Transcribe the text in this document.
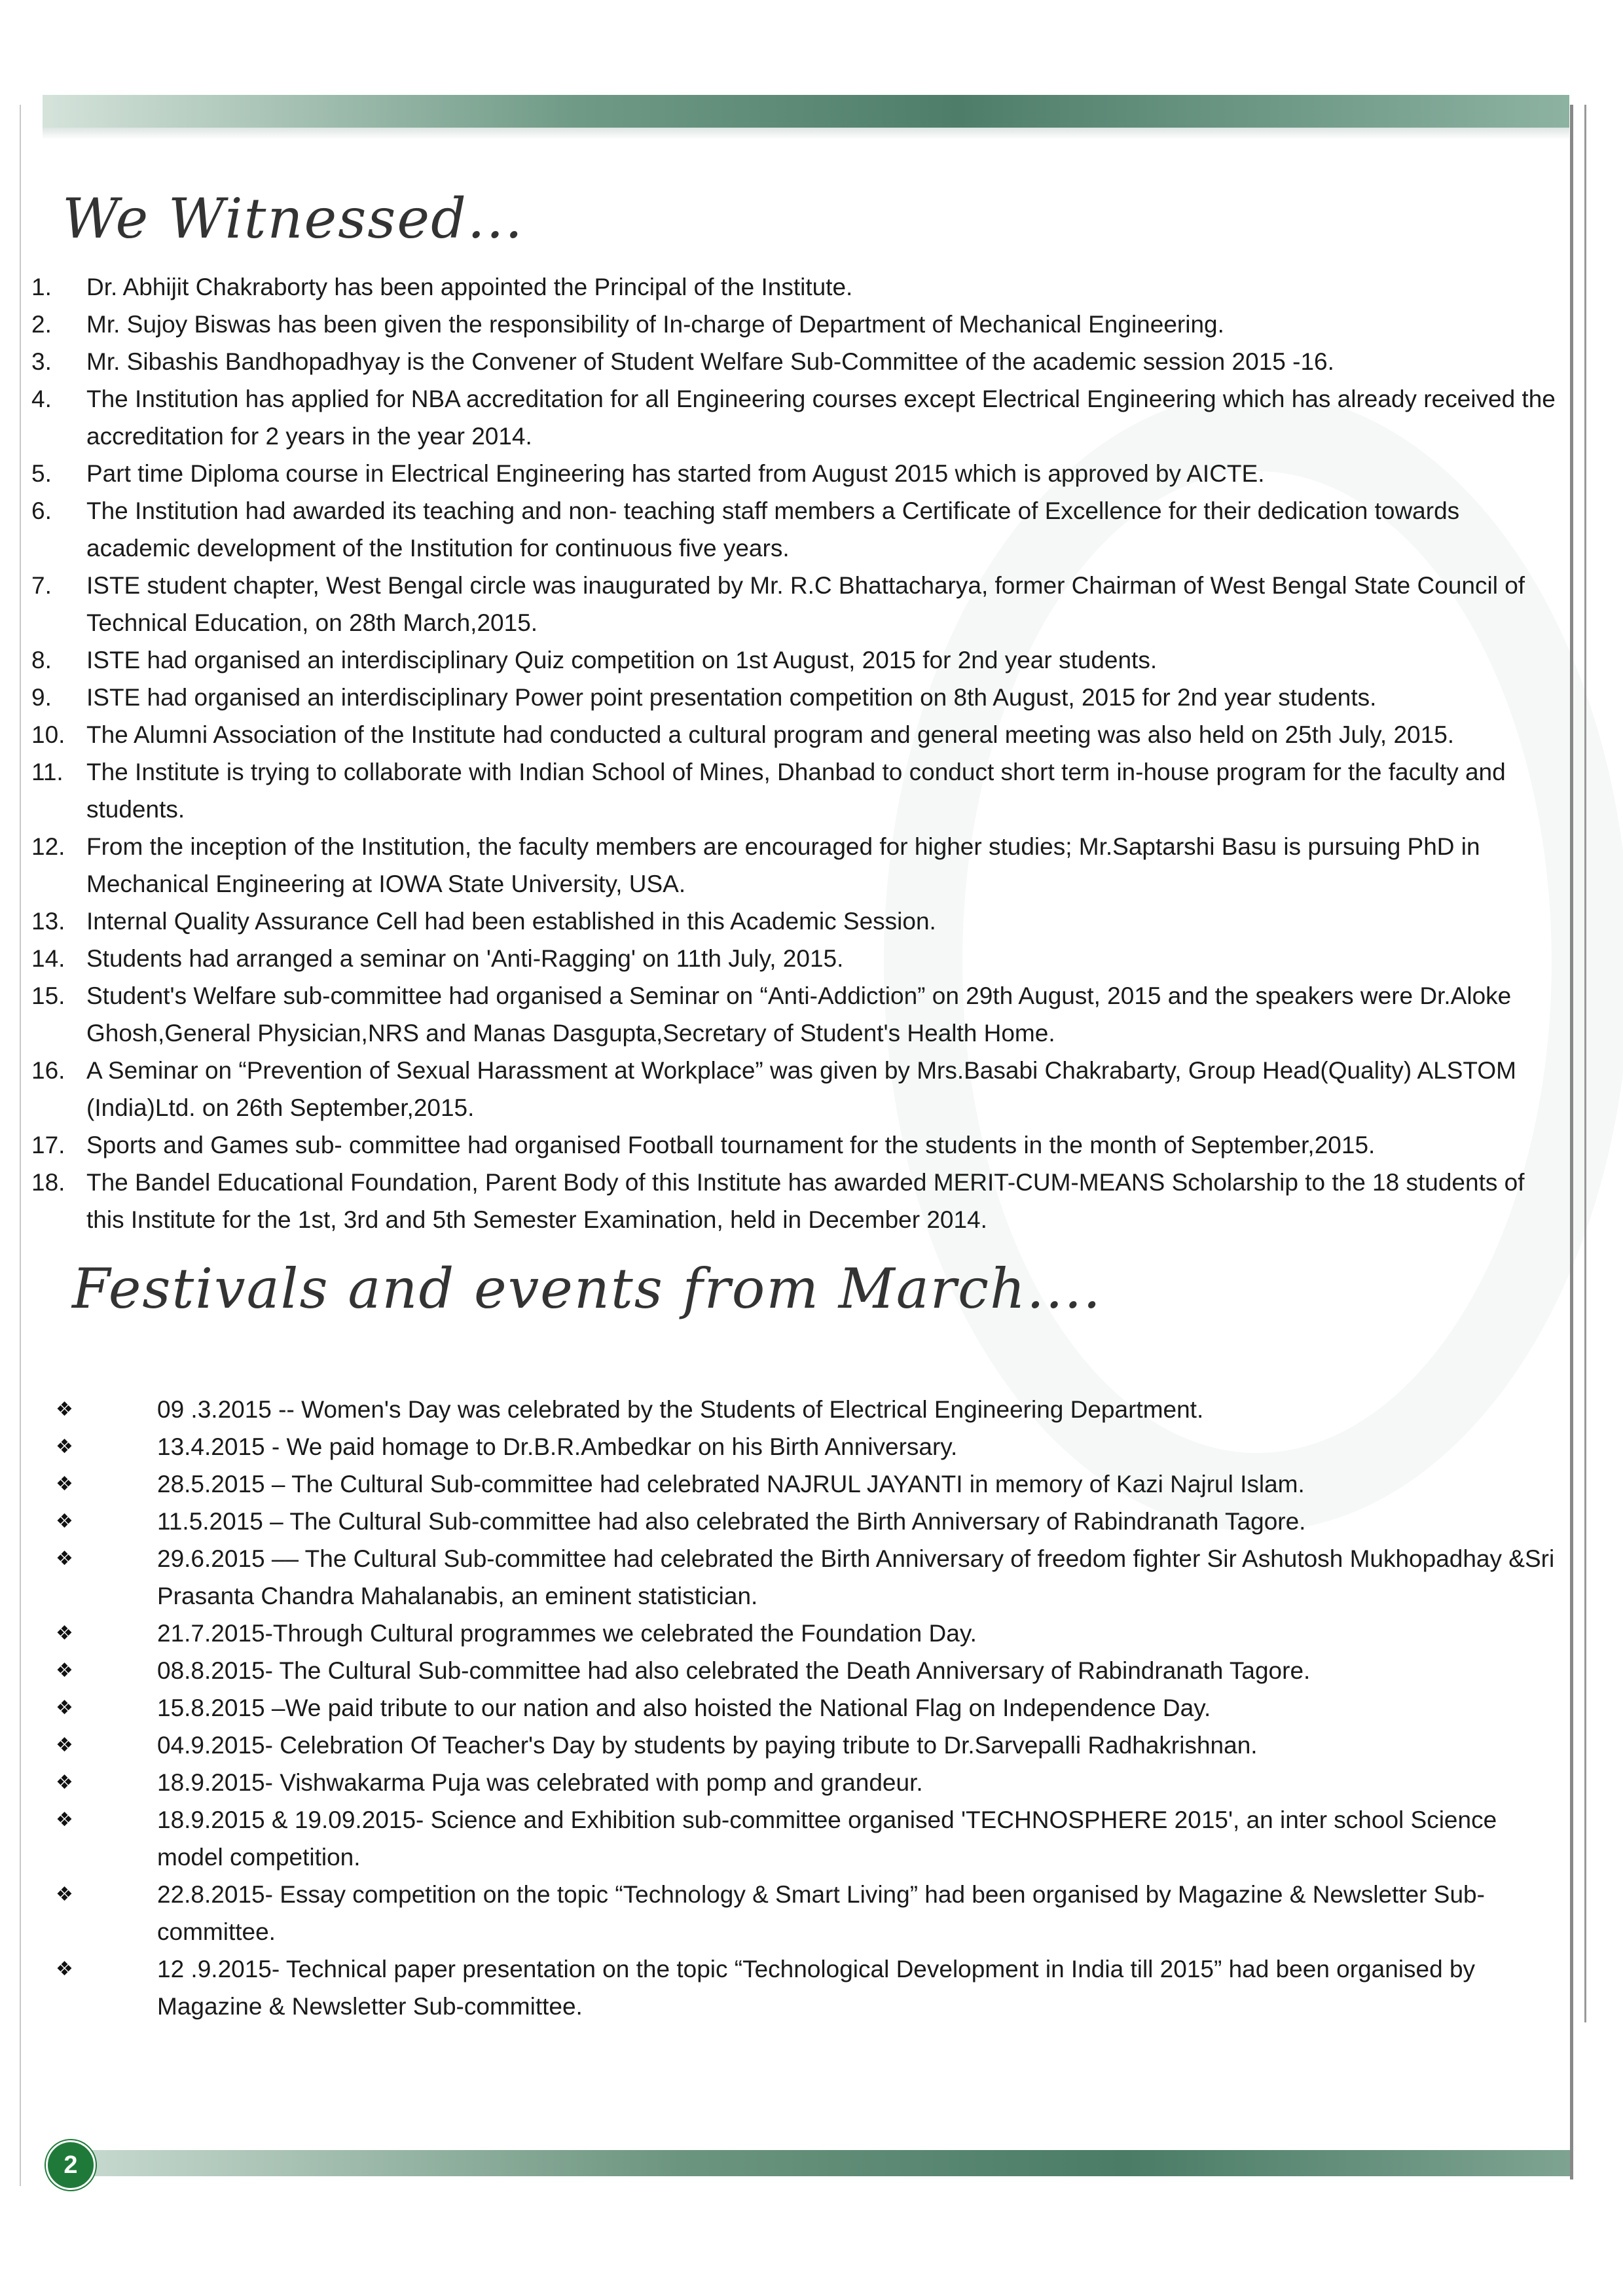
We Witnessed...
1.	Dr. Abhijit Chakraborty has been appointed the Principal of the Institute.
2.	Mr. Sujoy Biswas has been given the responsibility of In-charge of Department of Mechanical Engineering.
3.	Mr. Sibashis Bandhopadhyay is the Convener of Student Welfare Sub-Committee of the academic session 2015 -16.
4.	The Institution has applied for NBA accreditation for all Engineering courses except Electrical Engineering which has already received the accreditation for 2 years in the year 2014.
5.	Part time Diploma course in Electrical Engineering has started from August 2015 which is approved by AICTE.
6.	The Institution had awarded its teaching and non- teaching staff members a Certificate of Excellence for their dedication towards academic development of the Institution for continuous five years.
7.	ISTE student chapter, West Bengal circle was inaugurated by Mr. R.C Bhattacharya, former Chairman of West Bengal State Council of Technical Education, on 28th March,2015.
8.	ISTE had organised an interdisciplinary Quiz competition on 1st August, 2015 for 2nd year students.
9.	ISTE had organised an interdisciplinary Power point presentation competition on 8th August, 2015 for 2nd year students.
10. The Alumni Association of the Institute had conducted a cultural program and general meeting was also held on 25th July, 2015.
11. The Institute is trying to collaborate with Indian School of Mines, Dhanbad to conduct short term in-house program for the faculty and students.
12. From the inception of the Institution, the faculty members are encouraged for higher studies; Mr.Saptarshi Basu is pursuing PhD in Mechanical Engineering at IOWA State University, USA.
13. Internal Quality Assurance Cell had been established in this Academic Session.
14. Students had arranged a seminar on 'Anti-Ragging' on 11th July, 2015.
15. Student's Welfare sub-committee had organised a Seminar on “Anti-Addiction” on 29th August, 2015 and the speakers were Dr.Aloke Ghosh,General Physician,NRS and Manas Dasgupta,Secretary of Student's Health Home.
16. A Seminar on “Prevention of Sexual Harassment at Workplace” was given by Mrs.Basabi Chakrabarty, Group Head(Quality) ALSTOM (India)Ltd. on 26th September,2015.
17. Sports and Games sub- committee had organised Football tournament for the students in the month of September,2015.
18. The Bandel Educational Foundation, Parent Body of this Institute has awarded MERIT-CUM-MEANS Scholarship to the 18 students of this Institute for the 1st, 3rd and 5th Semester Examination, held in December 2014.
Festivals and events from March....
❖	09 .3.2015 -- Women's Day was celebrated by the Students of Electrical Engineering Department.
❖	13.4.2015 - We paid homage to Dr.B.R.Ambedkar on his Birth Anniversary.
❖	28.5.2015 – The Cultural Sub-committee had celebrated NAJRUL JAYANTI in memory of Kazi Najrul Islam.
❖	11.5.2015 – The Cultural Sub-committee had also celebrated the Birth Anniversary of Rabindranath Tagore.
❖	29.6.2015 –– The Cultural Sub-committee had celebrated the Birth Anniversary of freedom fighter Sir Ashutosh Mukhopadhay &Sri Prasanta Chandra Mahalanabis, an eminent statistician.
❖	21.7.2015-Through Cultural programmes we celebrated the Foundation Day.
❖	08.8.2015- The Cultural Sub-committee had also celebrated the Death Anniversary of Rabindranath Tagore.
❖	15.8.2015 –We paid tribute to our nation and also hoisted the National Flag on Independence Day.
❖	04.9.2015- Celebration Of Teacher's Day by students by paying tribute to Dr.Sarvepalli Radhakrishnan.
❖	18.9.2015- Vishwakarma Puja was celebrated with pomp and grandeur.
❖	18.9.2015 & 19.09.2015- Science and Exhibition sub-committee organised 'TECHNOSPHERE 2015', an inter school Science model competition.
❖	22.8.2015- Essay competition on the topic “Technology & Smart Living” had been organised by Magazine & Newsletter Sub-committee.
❖	12 .9.2015- Technical paper presentation on the topic “Technological Development in India till 2015” had been organised by Magazine & Newsletter Sub-committee.
2
